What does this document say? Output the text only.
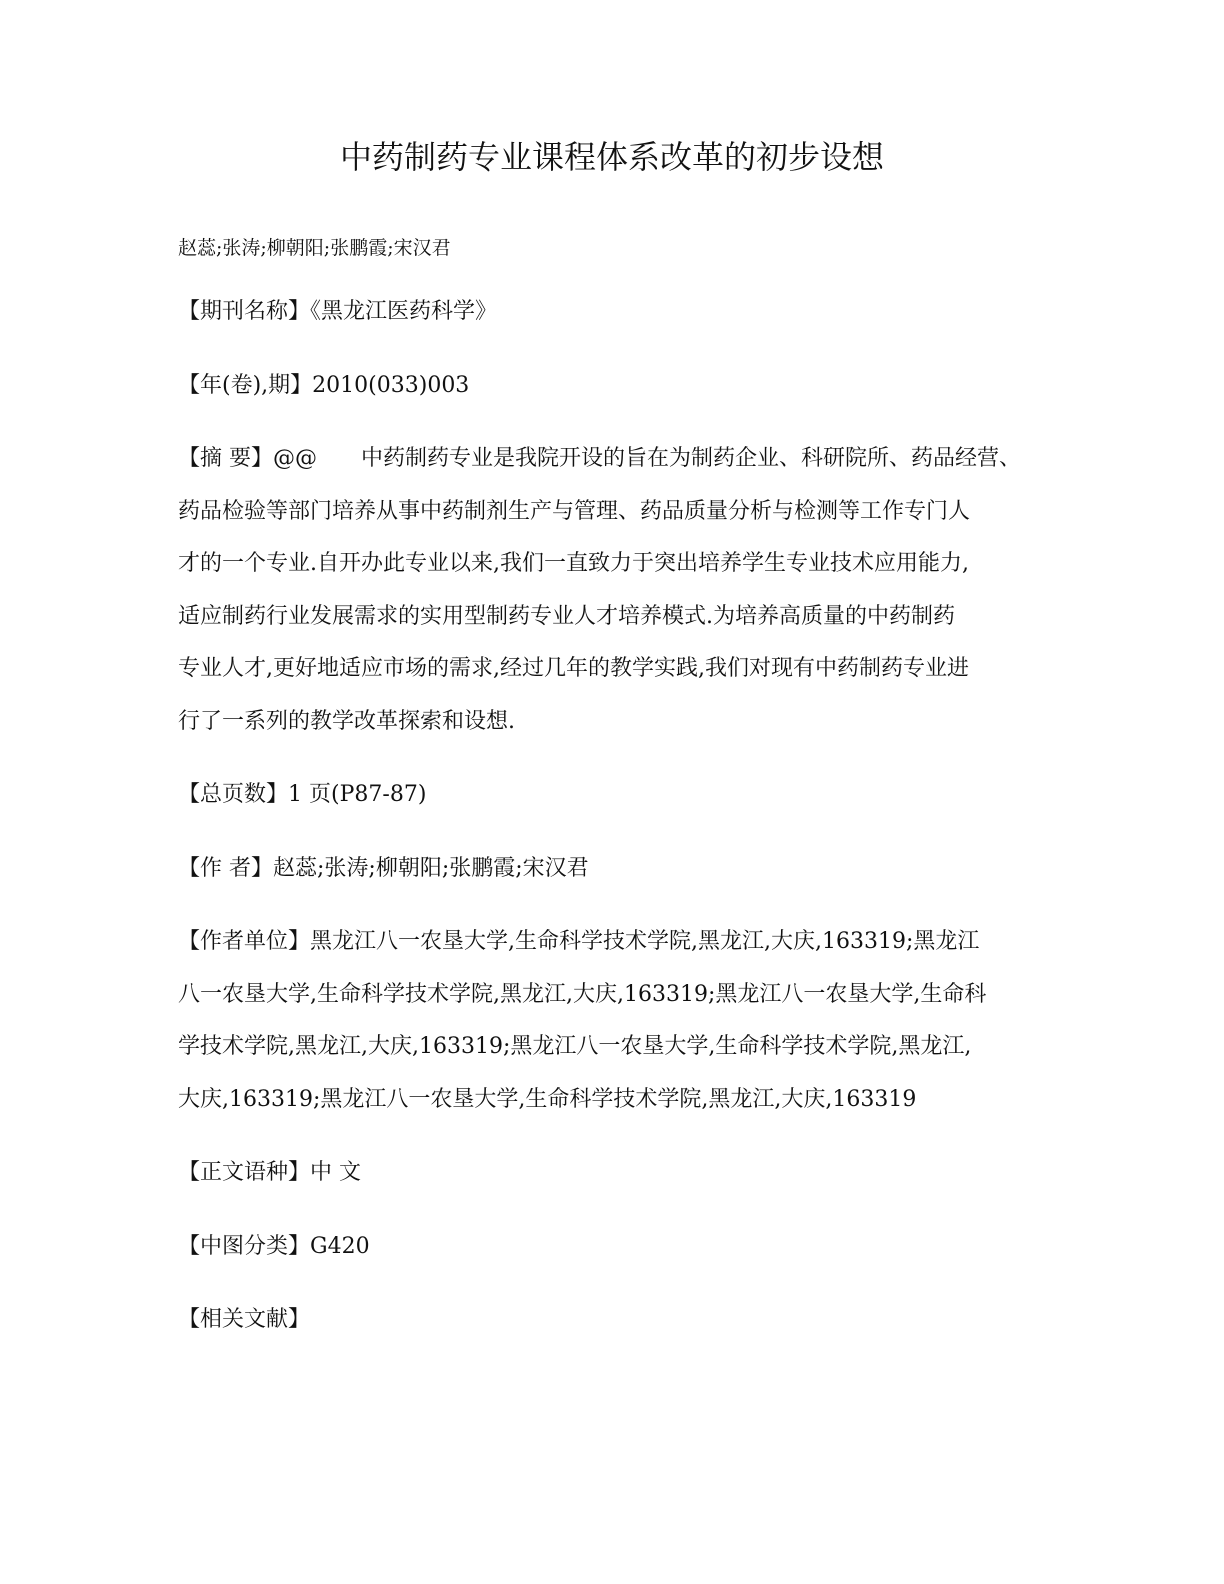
中药制药专业课程体系改革的初步设想
赵蕊;张涛;柳朝阳;张鹏霞;宋汉君
【期刊名称】《黑龙江医药科学》
【年(卷),期】2010(033)003
【摘 要】@@　　中药制药专业是我院开设的旨在为制药企业、科研院所、药品经营、
药品检验等部门培养从事中药制剂生产与管理、药品质量分析与检测等工作专门人
才的一个专业.自开办此专业以来,我们一直致力于突出培养学生专业技术应用能力,
适应制药行业发展需求的实用型制药专业人才培养模式.为培养高质量的中药制药
专业人才,更好地适应市场的需求,经过几年的教学实践,我们对现有中药制药专业进
行了一系列的教学改革探索和设想.
【总页数】1 页(P87-87)
【作 者】赵蕊;张涛;柳朝阳;张鹏霞;宋汉君
【作者单位】黑龙江八一农垦大学,生命科学技术学院,黑龙江,大庆,163319;黑龙江
八一农垦大学,生命科学技术学院,黑龙江,大庆,163319;黑龙江八一农垦大学,生命科
学技术学院,黑龙江,大庆,163319;黑龙江八一农垦大学,生命科学技术学院,黑龙江,
大庆,163319;黑龙江八一农垦大学,生命科学技术学院,黑龙江,大庆,163319
【正文语种】中 文
【中图分类】G420
【相关文献】
